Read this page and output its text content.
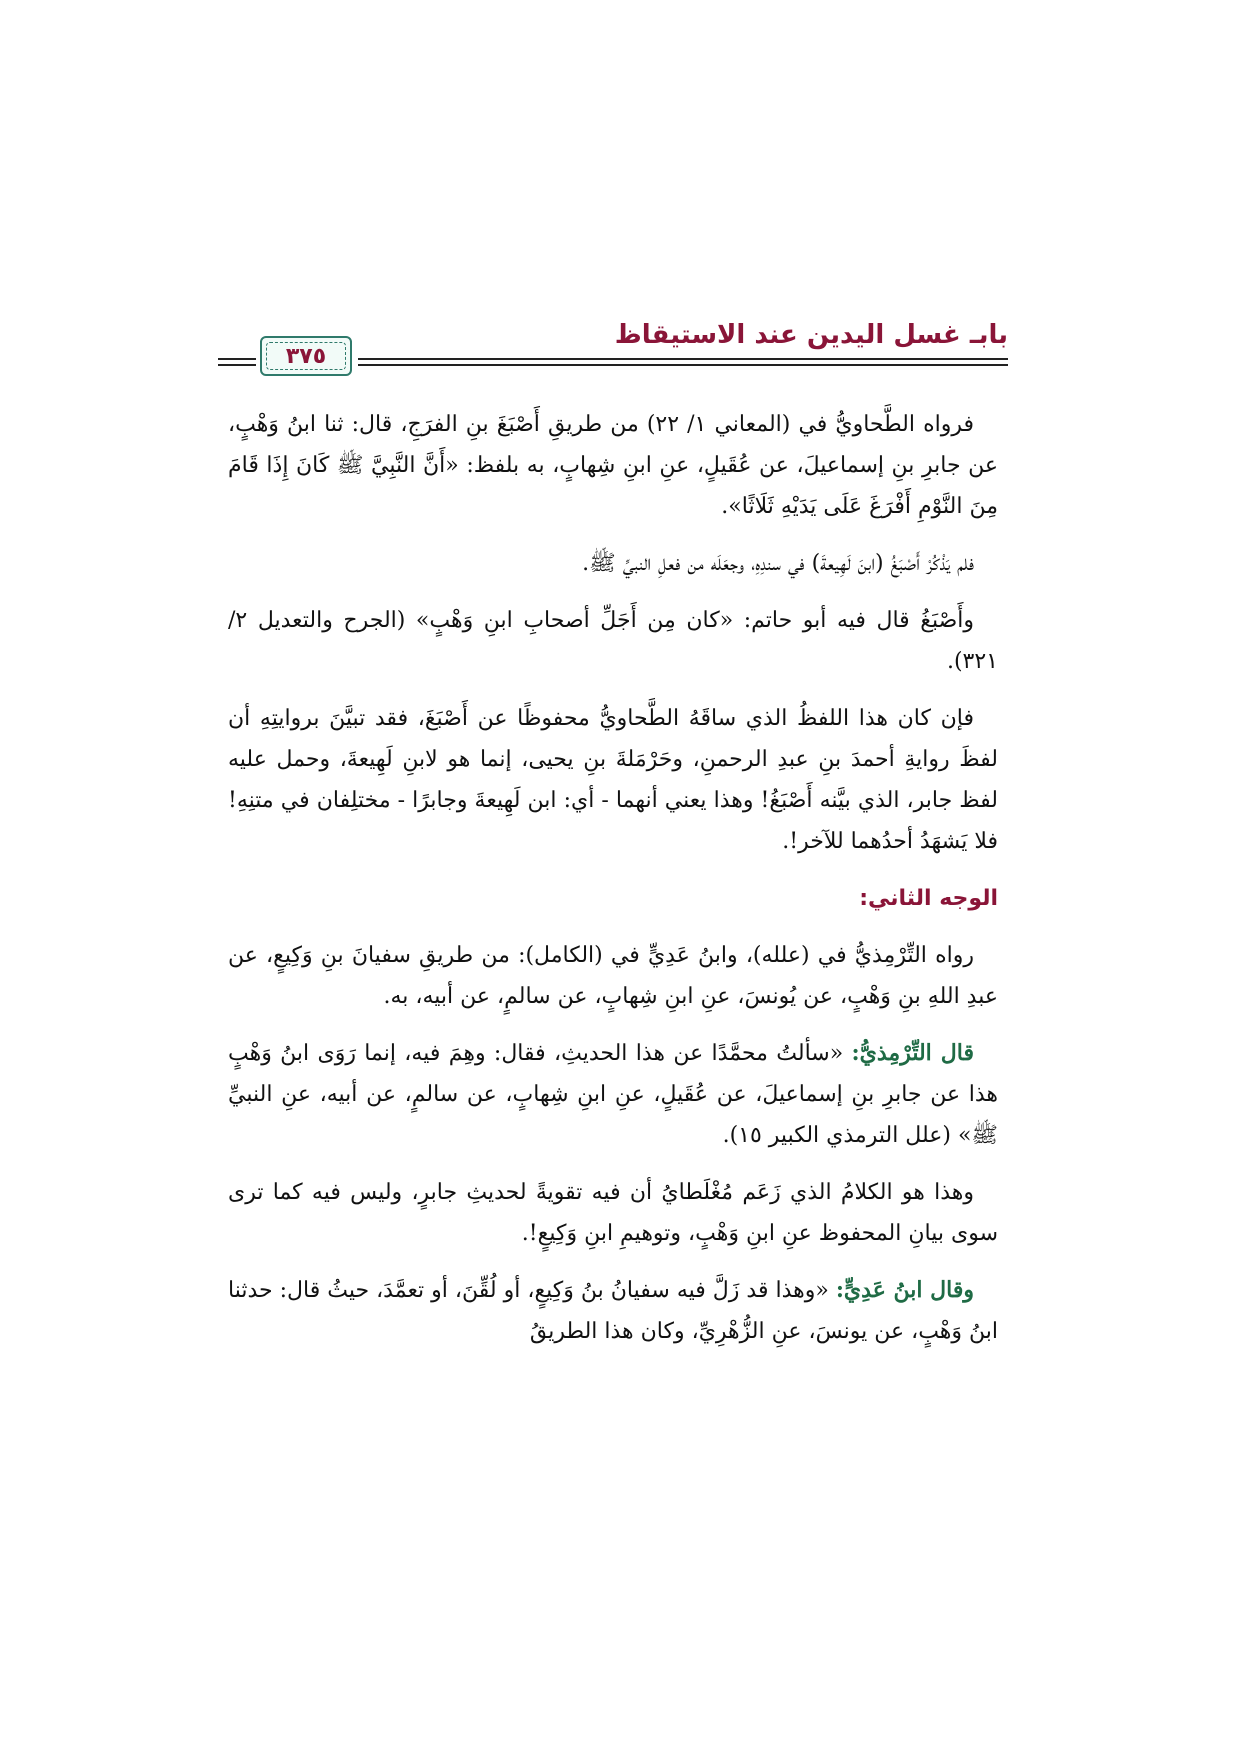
بابـ غسل اليدين عند الاستيقاظ
٣٧٥

فرواه الطَّحاويُّ في (المعاني ١/ ٢٢) من طريقِ أَصْبَغَ بنِ الفرَجِ، قال: ثنا ابنُ وَهْبٍ، عن جابرِ بنِ إسماعيلَ، عن عُقَيلٍ، عنِ ابنِ شِهابٍ، به بلفظ: «أَنَّ النَّبِيَّ ﷺ كَانَ إِذَا قَامَ مِنَ النَّوْمِ أَفْرَغَ عَلَى يَدَيْهِ ثَلَاثًا».

فلم يَذْكُرْ أَصْبَغُ (ابنَ لَهِيعةَ) في سندِهِ، وجعَلَه من فعلِ النبيِّ ﷺ.

وأَصْبَغُ قال فيه أبو حاتم: «كان مِن أَجَلِّ أصحابِ ابنِ وَهْبٍ» (الجرح والتعديل ٢/ ٣٢١).

فإن كان هذا اللفظُ الذي ساقَهُ الطَّحاويُّ محفوظًا عن أَصْبَغَ، فقد تبيَّنَ بروايتِهِ أن لفظَ روايةِ أحمدَ بنِ عبدِ الرحمنِ، وحَرْمَلةَ بنِ يحيى، إنما هو لابنِ لَهِيعةَ، وحمل عليه لفظ جابر، الذي بيَّنه أَصْبَغُ! وهذا يعني أنهما - أي: ابن لَهِيعةَ وجابرًا - مختلِفان في متنِهِ! فلا يَشهَدُ أحدُهما للآخر!.

الوجه الثاني:

رواه التِّرْمِذيُّ في (علله)، وابنُ عَدِيٍّ في (الكامل): من طريقِ سفيانَ بنِ وَكِيعٍ، عن عبدِ اللهِ بنِ وَهْبٍ، عن يُونسَ، عنِ ابنِ شِهابٍ، عن سالمٍ، عن أبيه، به.

قال التِّرْمِذيُّ: «سألتُ محمَّدًا عن هذا الحديثِ، فقال: وهِمَ فيه، إنما رَوَى ابنُ وَهْبٍ هذا عن جابرِ بنِ إسماعيلَ، عن عُقَيلٍ، عنِ ابنِ شِهابٍ، عن سالمٍ، عن أبيه، عنِ النبيِّ ﷺ» (علل الترمذي الكبير ١٥).

وهذا هو الكلامُ الذي زَعَم مُغْلَطايُ أن فيه تقويةً لحديثِ جابرٍ، وليس فيه كما ترى سوى بيانِ المحفوظ عنِ ابنِ وَهْبٍ، وتوهيمِ ابنِ وَكِيعٍ!.

وقال ابنُ عَدِيٍّ: «وهذا قد زَلَّ فيه سفيانُ بنُ وَكِيعٍ، أو لُقِّنَ، أو تعمَّدَ، حيثُ قال: حدثنا ابنُ وَهْبٍ، عن يونسَ، عنِ الزُّهْرِيِّ، وكان هذا الطريقُ
